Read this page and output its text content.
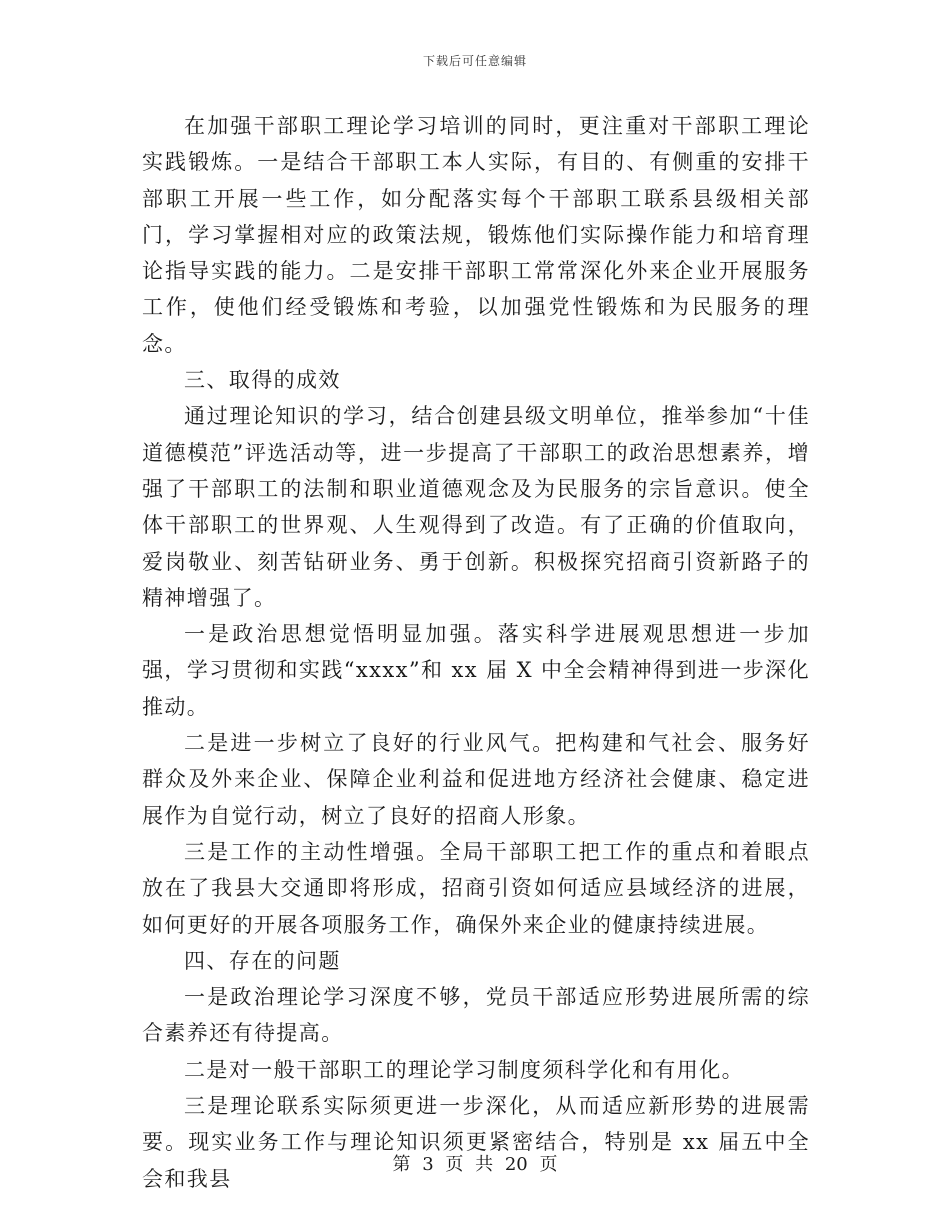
下载后可任意编辑

在加强干部职工理论学习培训的同时，更注重对干部职工理论实践锻炼。一是结合干部职工本人实际，有目的、有侧重的安排干部职工开展一些工作，如分配落实每个干部职工联系县级相关部门，学习掌握相对应的政策法规，锻炼他们实际操作能力和培育理论指导实践的能力。二是安排干部职工常常深化外来企业开展服务工作，使他们经受锻炼和考验，以加强党性锻炼和为民服务的理念。

三、取得的成效

通过理论知识的学习，结合创建县级文明单位，推举参加“十佳道德模范”评选活动等，进一步提高了干部职工的政治思想素养，增强了干部职工的法制和职业道德观念及为民服务的宗旨意识。使全体干部职工的世界观、人生观得到了改造。有了正确的价值取向，爱岗敬业、刻苦钻研业务、勇于创新。积极探究招商引资新路子的精神增强了。

一是政治思想觉悟明显加强。落实科学进展观思想进一步加强，学习贯彻和实践“xxxx”和 xx 届 X 中全会精神得到进一步深化推动。

二是进一步树立了良好的行业风气。把构建和气社会、服务好群众及外来企业、保障企业利益和促进地方经济社会健康、稳定进展作为自觉行动，树立了良好的招商人形象。

三是工作的主动性增强。全局干部职工把工作的重点和着眼点放在了我县大交通即将形成，招商引资如何适应县域经济的进展，如何更好的开展各项服务工作，确保外来企业的健康持续进展。

四、存在的问题

一是政治理论学习深度不够，党员干部适应形势进展所需的综合素养还有待提高。

二是对一般干部职工的理论学习制度须科学化和有用化。

三是理论联系实际须更进一步深化，从而适应新形势的进展需要。现实业务工作与理论知识须更紧密结合，特别是 xx 届五中全会和我县

第 3 页 共 20 页
